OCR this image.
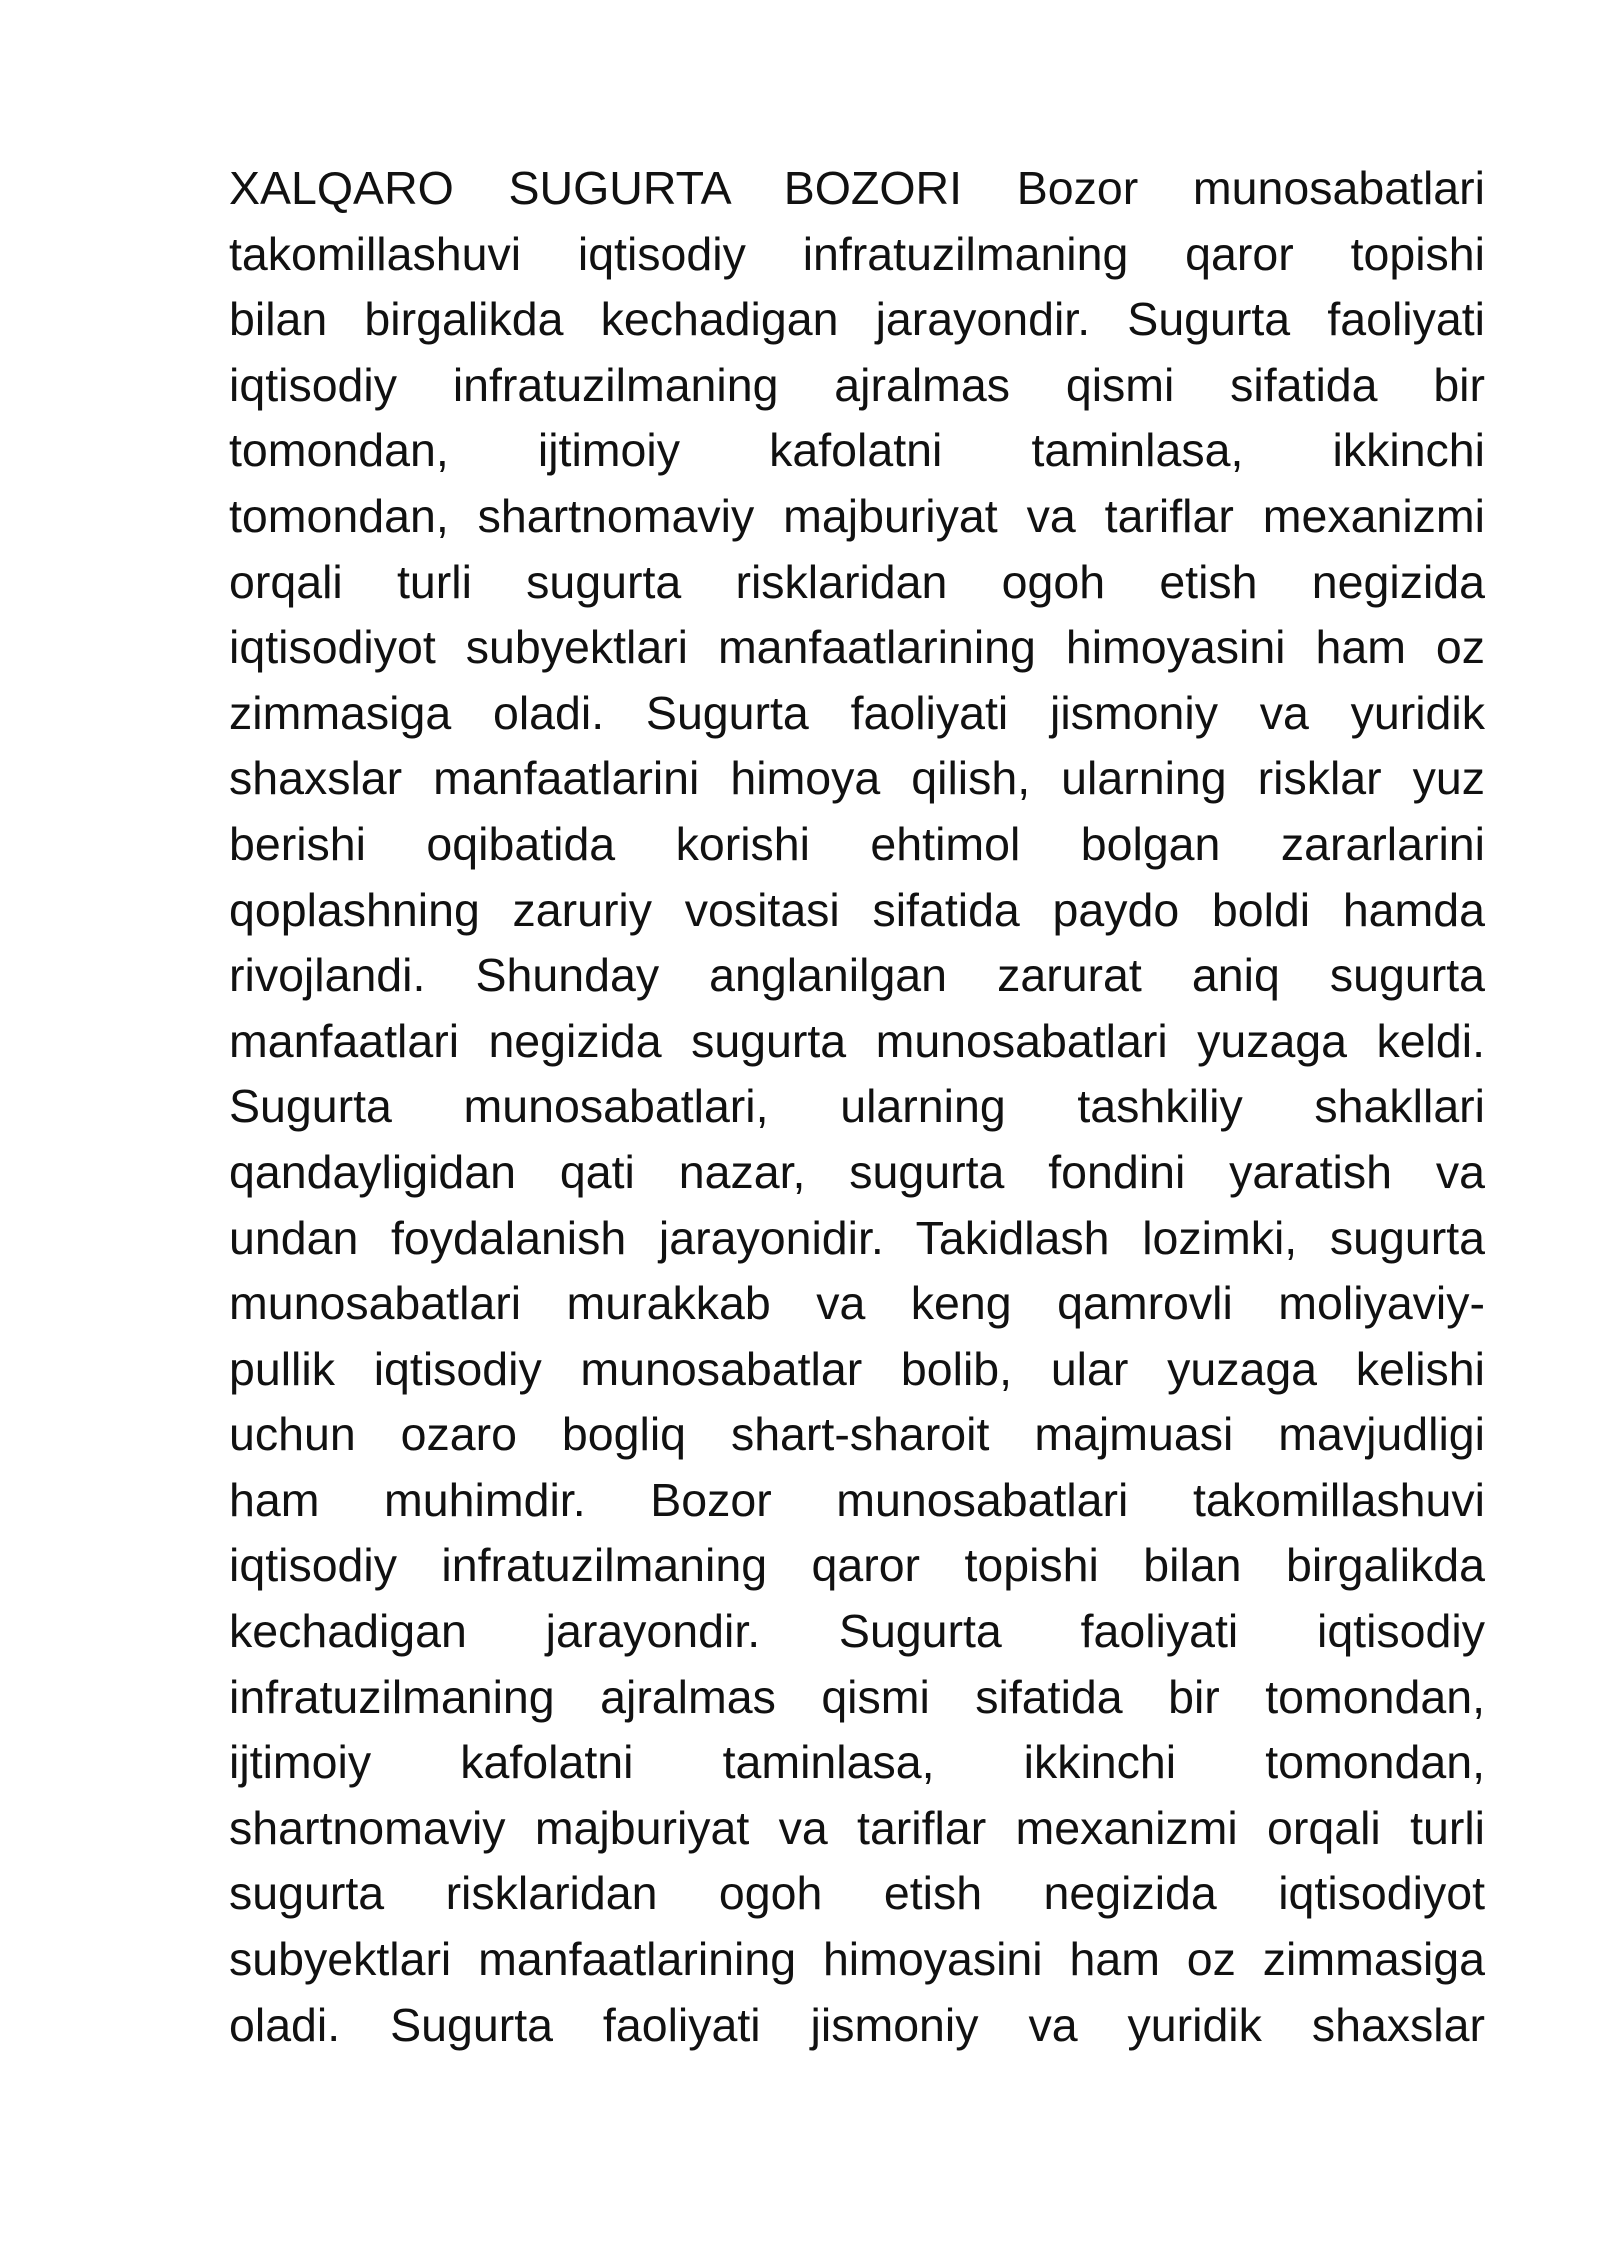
XALQARO SUGURTA BOZORI Bozor munosabatlari
takomillashuvi iqtisodiy infratuzilmaning qaror topishi
bilan birgalikda kechadigan jarayondir. Sugurta faoliyati
iqtisodiy infratuzilmaning ajralmas qismi sifatida bir
tomondan, ijtimoiy kafolatni taminlasa, ikkinchi
tomondan, shartnomaviy majburiyat va tariflar mexanizmi
orqali turli sugurta risklaridan ogoh etish negizida
iqtisodiyot subyektlari manfaatlarining himoyasini ham oz
zimmasiga oladi. Sugurta faoliyati jismoniy va yuridik
shaxslar manfaatlarini himoya qilish, ularning risklar yuz
berishi oqibatida korishi ehtimol bolgan zararlarini
qoplashning zaruriy vositasi sifatida paydo boldi hamda
rivojlandi. Shunday anglanilgan zarurat aniq sugurta
manfaatlari negizida sugurta munosabatlari yuzaga keldi.
Sugurta munosabatlari, ularning tashkiliy shakllari
qandayligidan qati nazar, sugurta fondini yaratish va
undan foydalanish jarayonidir. Takidlash lozimki, sugurta
munosabatlari murakkab va keng qamrovli moliyaviy-
pullik iqtisodiy munosabatlar bolib, ular yuzaga kelishi
uchun ozaro bogliq shart-sharoit majmuasi mavjudligi
ham muhimdir. Bozor munosabatlari takomillashuvi
iqtisodiy infratuzilmaning qaror topishi bilan birgalikda
kechadigan jarayondir. Sugurta faoliyati iqtisodiy
infratuzilmaning ajralmas qismi sifatida bir tomondan,
ijtimoiy kafolatni taminlasa, ikkinchi tomondan,
shartnomaviy majburiyat va tariflar mexanizmi orqali turli
sugurta risklaridan ogoh etish negizida iqtisodiyot
subyektlari manfaatlarining himoyasini ham oz zimmasiga
oladi. Sugurta faoliyati jismoniy va yuridik shaxslar
